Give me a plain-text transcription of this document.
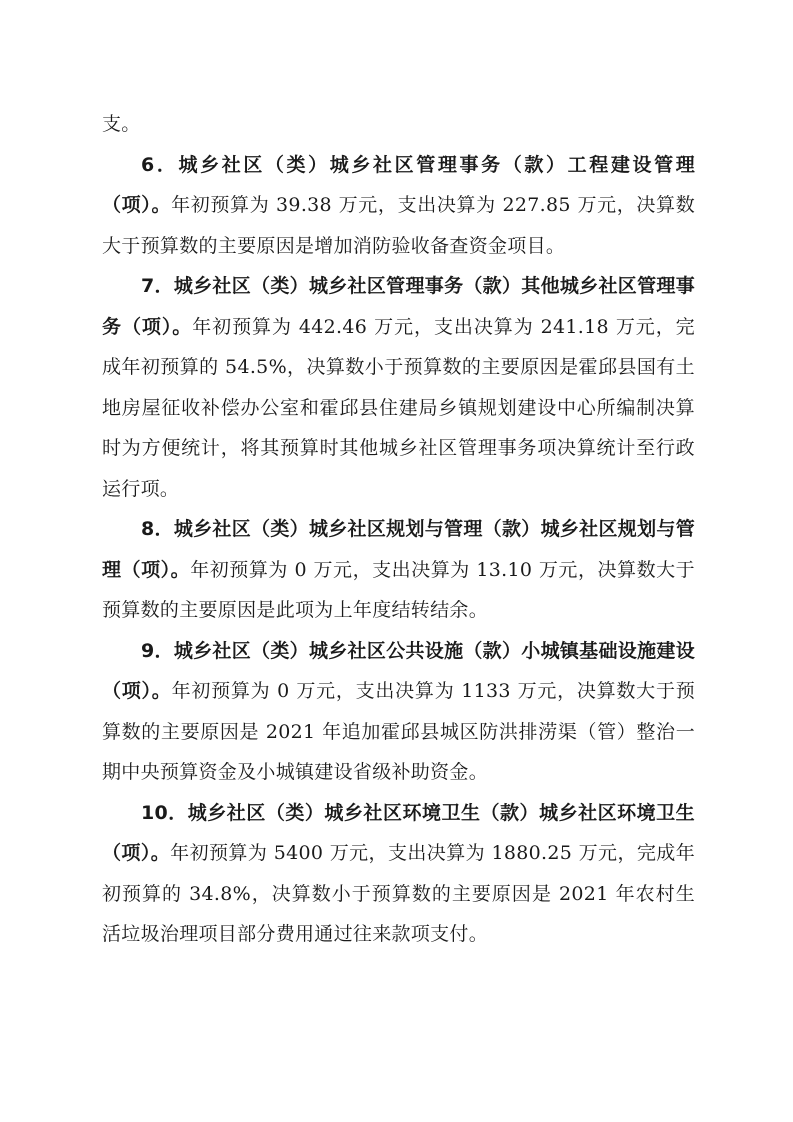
支。

6．城乡社区（类）城乡社区管理事务（款）工程建设管理（项）。年初预算为 39.38 万元，支出决算为 227.85 万元，决算数大于预算数的主要原因是增加消防验收备查资金项目。

7．城乡社区（类）城乡社区管理事务（款）其他城乡社区管理事务（项）。年初预算为 442.46 万元，支出决算为 241.18 万元，完成年初预算的 54.5%，决算数小于预算数的主要原因是霍邱县国有土地房屋征收补偿办公室和霍邱县住建局乡镇规划建设中心所编制决算时为方便统计，将其预算时其他城乡社区管理事务项决算统计至行政运行项。

8．城乡社区（类）城乡社区规划与管理（款）城乡社区规划与管理（项）。年初预算为 0 万元，支出决算为 13.10 万元，决算数大于预算数的主要原因是此项为上年度结转结余。

9．城乡社区（类）城乡社区公共设施（款）小城镇基础设施建设（项）。年初预算为 0 万元，支出决算为 1133 万元，决算数大于预算数的主要原因是 2021 年追加霍邱县城区防洪排涝渠（管）整治一期中央预算资金及小城镇建设省级补助资金。

10．城乡社区（类）城乡社区环境卫生（款）城乡社区环境卫生（项）。年初预算为 5400 万元，支出决算为 1880.25 万元，完成年初预算的 34.8%，决算数小于预算数的主要原因是 2021 年农村生活垃圾治理项目部分费用通过往来款项支付。
